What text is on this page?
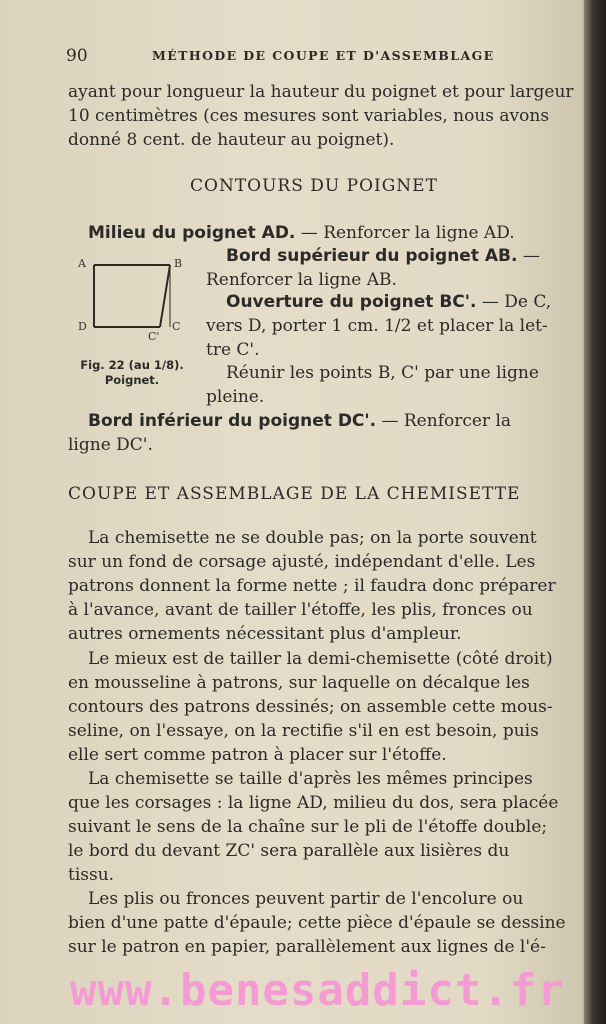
90	MÉTHODE DE COUPE ET D'ASSEMBLAGE
ayant pour longueur la hauteur du poignet et pour largeur
10 centimètres (ces mesures sont variables, nous avons
donné 8 cent. de hauteur au poignet).
CONTOURS DU POIGNET
Milieu du poignet AD. — Renforcer la ligne AD.
Bord supérieur du poignet AB. —
Renforcer la ligne AB.
Ouverture du poignet BC'. — De C,
vers D, porter 1 cm. 1/2 et placer la let-
tre C'.
Réunir les points B, C' par une ligne
pleine.
Bord inférieur du poignet DC'. — Renforcer la
ligne DC'.
A	B
D
C'
C
Fig. 22 (au 1/8).
Poignet.
COUPE ET ASSEMBLAGE DE LA CHEMISETTE
La chemisette ne se double pas; on la porte souvent
sur un fond de corsage ajusté, indépendant d'elle. Les
patrons donnent la forme nette ; il faudra donc préparer
à l'avance, avant de tailler l'étoffe, les plis, fronces ou
autres ornements nécessitant plus d'ampleur.
Le mieux est de tailler la demi-chemisette (côté droit)
en mousseline à patrons, sur laquelle on décalque les
contours des patrons dessinés; on assemble cette mous-
seline, on l'essaye, on la rectifie s'il en est besoin, puis
elle sert comme patron à placer sur l'étoffe.
La chemisette se taille d'après les mêmes principes
que les corsages : la ligne AD, milieu du dos, sera placée
suivant le sens de la chaîne sur le pli de l'étoffe double;
le bord du devant ZC' sera parallèle aux lisières du
tissu.
Les plis ou fronces peuvent partir de l'encolure ou
bien d'une patte d'épaule; cette pièce d'épaule se dessine
sur le patron en papier, parallèlement aux lignes de l'é-
www.benesaddict.fr
